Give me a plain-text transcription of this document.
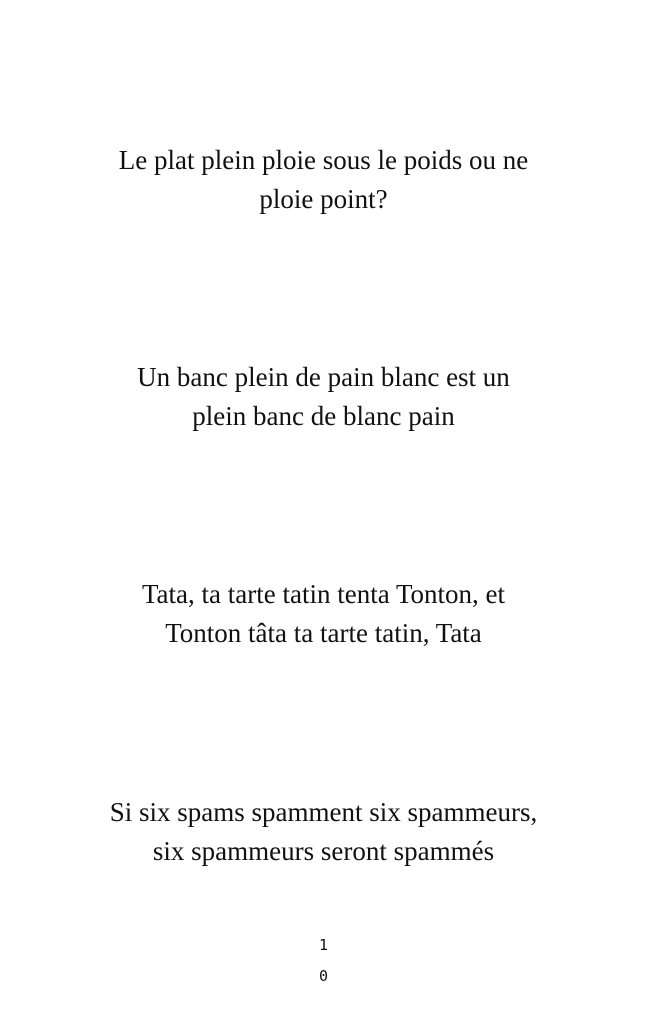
Le plat plein ploie sous le poids ou ne
ploie point?

Un banc plein de pain blanc est un
plein banc de blanc pain

Tata, ta tarte tatin tenta Tonton, et
Tonton tâta ta tarte tatin, Tata

Si six spams spamment six spammeurs,
six spammeurs seront spammés

1
0
